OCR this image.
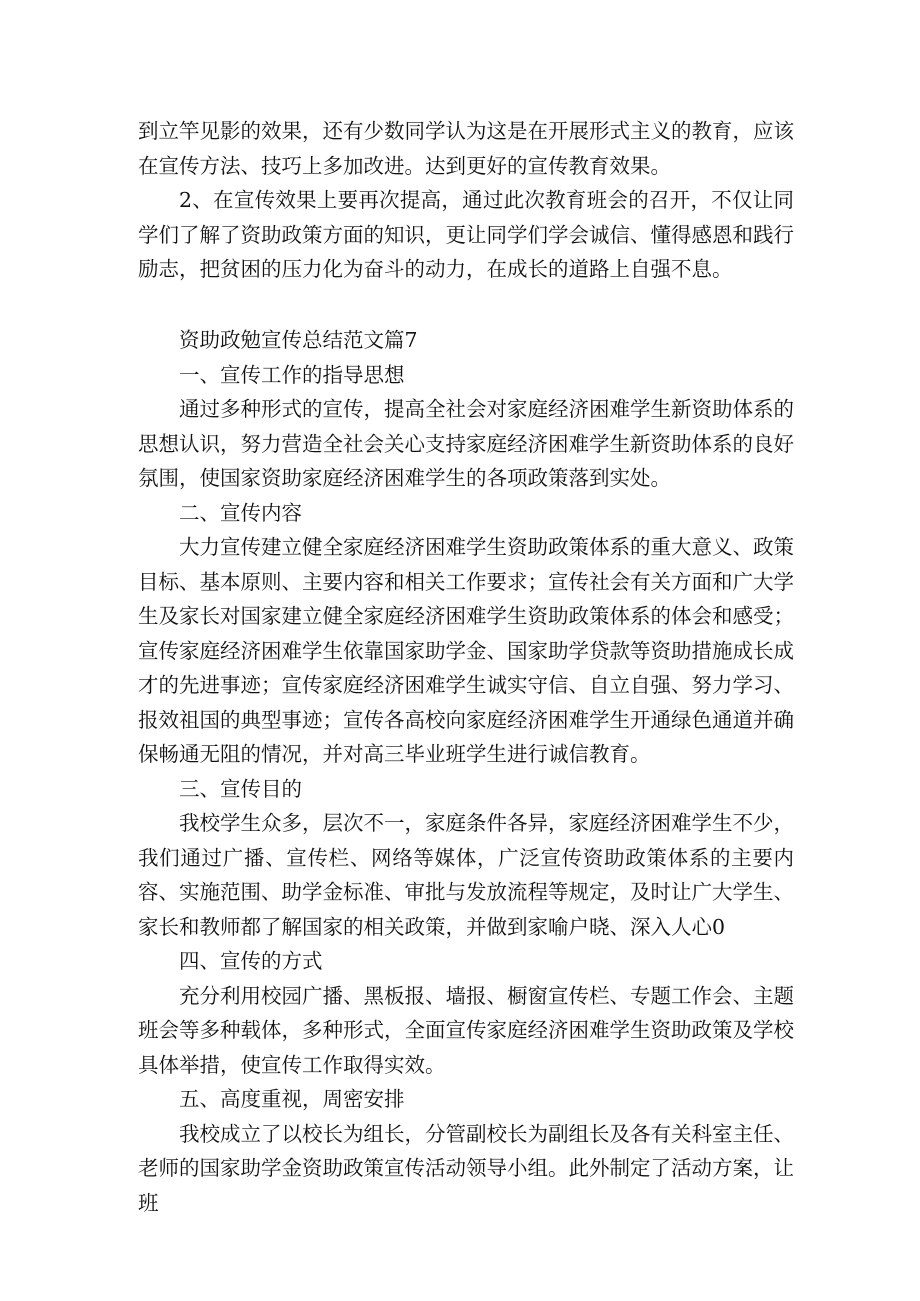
到立竿见影的效果，还有少数同学认为这是在开展形式主义的教育，应该在宣传方法、技巧上多加改进。达到更好的宣传教育效果。

2、在宣传效果上要再次提高，通过此次教育班会的召开，不仅让同学们了解了资助政策方面的知识，更让同学们学会诚信、懂得感恩和践行励志，把贫困的压力化为奋斗的动力，在成长的道路上自强不息。

资助政勉宣传总结范文篇7

一、宣传工作的指导思想

通过多种形式的宣传，提高全社会对家庭经济困难学生新资助体系的思想认识，努力营造全社会关心支持家庭经济困难学生新资助体系的良好氛围，使国家资助家庭经济困难学生的各项政策落到实处。

二、宣传内容

大力宣传建立健全家庭经济困难学生资助政策体系的重大意义、政策目标、基本原则、主要内容和相关工作要求；宣传社会有关方面和广大学生及家长对国家建立健全家庭经济困难学生资助政策体系的体会和感受；宣传家庭经济困难学生依靠国家助学金、国家助学贷款等资助措施成长成才的先进事迹；宣传家庭经济困难学生诚实守信、自立自强、努力学习、报效祖国的典型事迹；宣传各高校向家庭经济困难学生开通绿色通道并确保畅通无阻的情况，并对高三毕业班学生进行诚信教育。

三、宣传目的

我校学生众多，层次不一，家庭条件各异，家庭经济困难学生不少，我们通过广播、宣传栏、网络等媒体，广泛宣传资助政策体系的主要内容、实施范围、助学金标准、审批与发放流程等规定，及时让广大学生、家长和教师都了解国家的相关政策，并做到家喻户晓、深入人心0

四、宣传的方式

充分利用校园广播、黑板报、墙报、橱窗宣传栏、专题工作会、主题班会等多种载体，多种形式，全面宣传家庭经济困难学生资助政策及学校具体举措，使宣传工作取得实效。

五、高度重视，周密安排

我校成立了以校长为组长，分管副校长为副组长及各有关科室主任、老师的国家助学金资助政策宣传活动领导小组。此外制定了活动方案，让班
